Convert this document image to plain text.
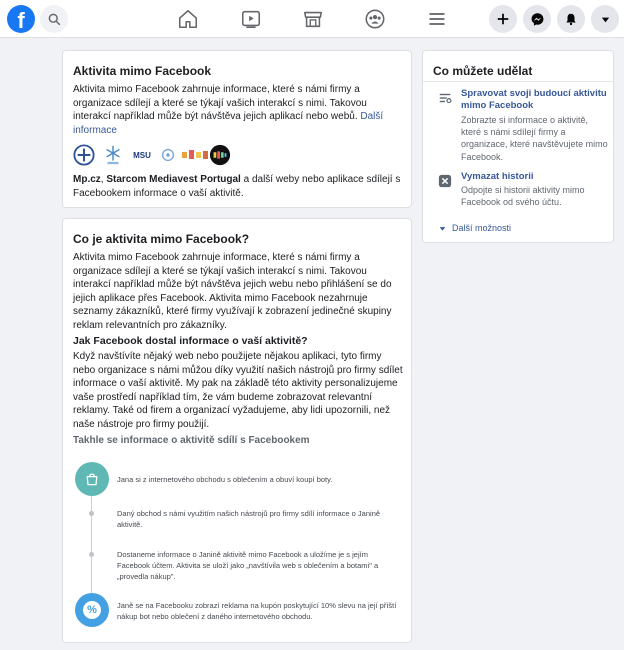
f
Aktivita mimo Facebook
Aktivita mimo Facebook zahrnuje informace, které s námi firmy a organizace sdílejí a které se týkají vašich interakcí s nimi. Takovou interakcí například může být návštěva jejich aplikací nebo webů. Další informace
MSU
Mp.cz, Starcom Mediavest Portugal a další weby nebo aplikace sdílejí s Facebookem informace o vaší aktivitě.
Co je aktivita mimo Facebook?
Aktivita mimo Facebook zahrnuje informace, které s námi firmy a organizace sdílejí a které se týkají vašich interakcí s nimi. Takovou interakcí například může být návštěva jejich webu nebo přihlášení se do jejich aplikace přes Facebook. Aktivita mimo Facebook nezahrnuje seznamy zákazníků, které firmy využívají k zobrazení jedinečné skupiny reklam relevantních pro zákazníky.
Jak Facebook dostal informace o vaší aktivitě?
Když navštívíte nějaký web nebo použijete nějakou aplikaci, tyto firmy nebo organizace s námi můžou díky využití našich nástrojů pro firmy sdílet informace o vaší aktivitě. My pak na základě této aktivity personalizujeme vaše prostředí například tím, že vám budeme zobrazovat relevantní reklamy. Také od firem a organizací vyžadujeme, aby lidi upozornili, než naše nástroje pro firmy použijí.
Takhle se informace o aktivitě sdílí s Facebookem
Jana si z internetového obchodu s oblečením a obuví koupí boty.
Daný obchod s námi využitím našich nástrojů pro firmy sdílí informace o Janině aktivitě.
Dostaneme informace o Janině aktivitě mimo Facebook a uložíme je s jejím Facebook účtem. Aktivita se uloží jako „navštívila web s oblečením a botami" a „provedla nákup".
%	Janě se na Facebooku zobrazí reklama na kupón poskytující 10% slevu na její příští nákup bot nebo oblečení z daného internetového obchodu.
Co můžete udělat
Spravovat svoji budoucí aktivitu mimo Facebook
Zobrazte si informace o aktivitě, které s námi sdílejí firmy a organizace, které navštěvujete mimo Facebook.
Vymazat historii
Odpojte si historii aktivity mimo Facebook od svého účtu.
Další možnosti
